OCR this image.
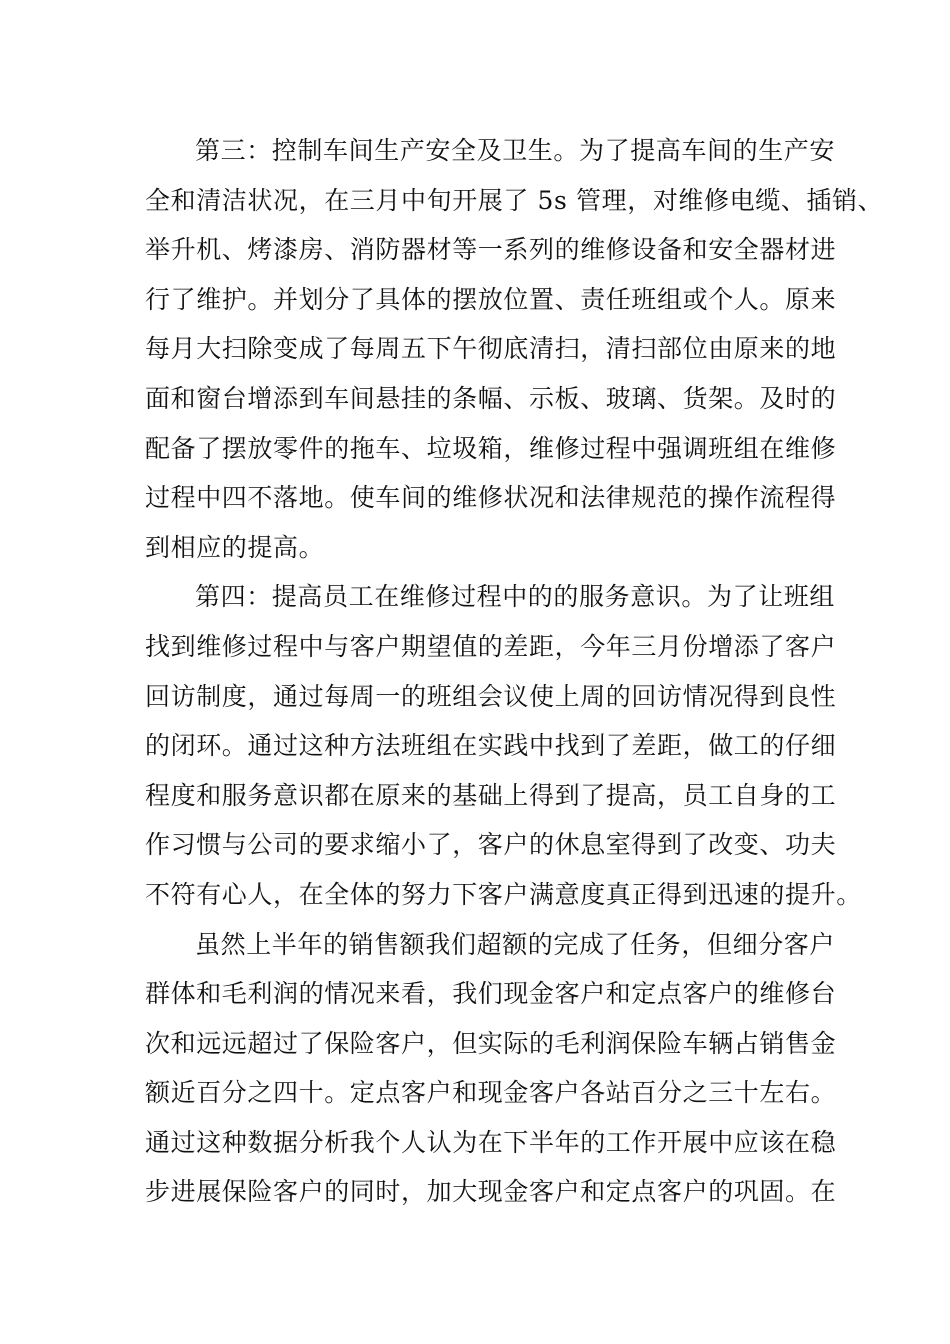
第三：控制车间生产安全及卫生。为了提高车间的生产安
全和清洁状况，在三月中旬开展了 5s 管理，对维修电缆、插销、
举升机、烤漆房、消防器材等一系列的维修设备和安全器材进
行了维护。并划分了具体的摆放位置、责任班组或个人。原来
每月大扫除变成了每周五下午彻底清扫，清扫部位由原来的地
面和窗台增添到车间悬挂的条幅、示板、玻璃、货架。及时的
配备了摆放零件的拖车、垃圾箱，维修过程中强调班组在维修
过程中四不落地。使车间的维修状况和法律规范的操作流程得
到相应的提高。
第四：提高员工在维修过程中的的服务意识。为了让班组
找到维修过程中与客户期望值的差距，今年三月份增添了客户
回访制度，通过每周一的班组会议使上周的回访情况得到良性
的闭环。通过这种方法班组在实践中找到了差距，做工的仔细
程度和服务意识都在原来的基础上得到了提高，员工自身的工
作习惯与公司的要求缩小了，客户的休息室得到了改变、功夫
不符有心人，在全体的努力下客户满意度真正得到迅速的提升。
虽然上半年的销售额我们超额的完成了任务，但细分客户
群体和毛利润的情况来看，我们现金客户和定点客户的维修台
次和远远超过了保险客户，但实际的毛利润保险车辆占销售金
额近百分之四十。定点客户和现金客户各站百分之三十左右。
通过这种数据分析我个人认为在下半年的工作开展中应该在稳
步进展保险客户的同时，加大现金客户和定点客户的巩固。在
